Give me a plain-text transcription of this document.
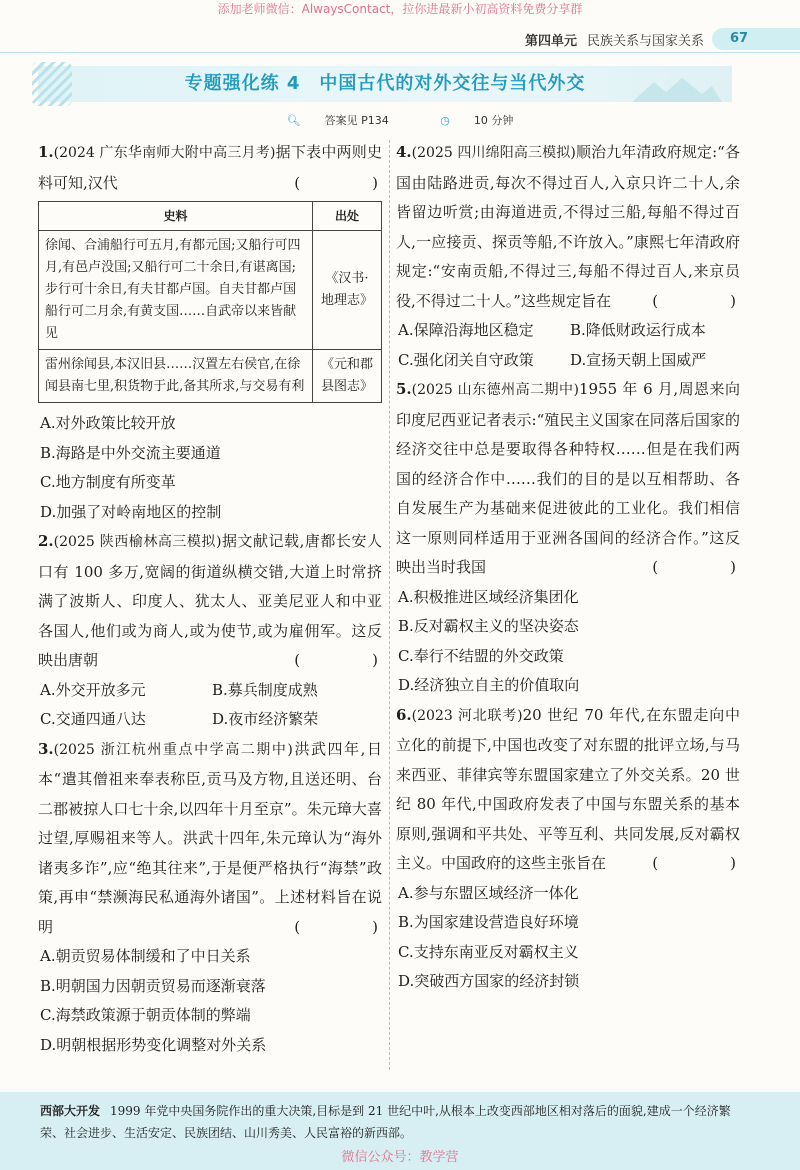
添加老师微信：AlwaysContact，拉你进最新小初高资料免费分享群
第四单元 民族关系与国家关系	67
专题强化练 4　中国古代的对外交往与当代外交
🔍︎ 答案见 P134	◷ 10 分钟

1.(2024 广东华南师大附中高三月考)据下表中两则史料可知,汉代	(　　)

史料	出处
徐闻、合浦船行可五月,有都元国;又船行可四月,有邑卢没国;又船行可二十余日,有谌离国;步行可十余日,有夫甘都卢国。自夫甘都卢国船行可二月余,有黄支国……自武帝以来皆献见	《汉书·地理志》
雷州徐闻县,本汉旧县……汉置左右侯官,在徐闻县南七里,积货物于此,备其所求,与交易有利	《元和郡县图志》

A.对外政策比较开放

B.海路是中外交流主要通道

C.地方制度有所变革

D.加强了对岭南地区的控制

2.(2025 陕西榆林高三模拟)据文献记载,唐都长安人口有 100 多万,宽阔的街道纵横交错,大道上时常挤满了波斯人、印度人、犹太人、亚美尼亚人和中亚各国人,他们或为商人,或为使节,或为雇佣军。这反映出唐朝	(　　)

A.外交开放多元	B.募兵制度成熟

C.交通四通八达	D.夜市经济繁荣

3.(2025 浙江杭州重点中学高二期中)洪武四年,日本“遣其僧祖来奉表称臣,贡马及方物,且送还明、台二郡被掠人口七十余,以四年十月至京”。朱元璋大喜过望,厚赐祖来等人。洪武十四年,朱元璋认为“海外诸夷多诈”,应“绝其往来”,于是便严格执行“海禁”政策,再申“禁濒海民私通海外诸国”。上述材料旨在说明	(　　)

A.朝贡贸易体制缓和了中日关系

B.明朝国力因朝贡贸易而逐渐衰落

C.海禁政策源于朝贡体制的弊端

D.明朝根据形势变化调整对外关系

4.(2025 四川绵阳高三模拟)顺治九年清政府规定:“各国由陆路进贡,每次不得过百人,入京只许二十人,余皆留边听赏;由海道进贡,不得过三船,每船不得过百人,一应接贡、探贡等船,不许放入。”康熙七年清政府规定:“安南贡船,不得过三,每船不得过百人,来京员役,不得过二十人。”这些规定旨在	(　　)

A.保障沿海地区稳定	B.降低财政运行成本

C.强化闭关自守政策	D.宣扬天朝上国威严

5.(2025 山东德州高二期中)1955 年 6 月,周恩来向印度尼西亚记者表示:“殖民主义国家在同落后国家的经济交往中总是要取得各种特权……但是在我们两国的经济合作中……我们的目的是以互相帮助、各自发展生产为基础来促进彼此的工业化。我们相信这一原则同样适用于亚洲各国间的经济合作。”这反映出当时我国	(　　)

A.积极推进区域经济集团化

B.反对霸权主义的坚决姿态

C.奉行不结盟的外交政策

D.经济独立自主的价值取向

6.(2023 河北联考)20 世纪 70 年代,在东盟走向中立化的前提下,中国也改变了对东盟的批评立场,与马来西亚、菲律宾等东盟国家建立了外交关系。20 世纪 80 年代,中国政府发表了中国与东盟关系的基本原则,强调和平共处、平等互利、共同发展,反对霸权主义。中国政府的这些主张旨在	(　　)

A.参与东盟区域经济一体化

B.为国家建设营造良好环境

C.支持东南亚反对霸权主义

D.突破西方国家的经济封锁

西部大开发 1999 年党中央国务院作出的重大决策,目标是到 21 世纪中叶,从根本上改变西部地区相对落后的面貌,建成一个经济繁荣、社会进步、生活安定、民族团结、山川秀美、人民富裕的新西部。
微信公众号：教学营
